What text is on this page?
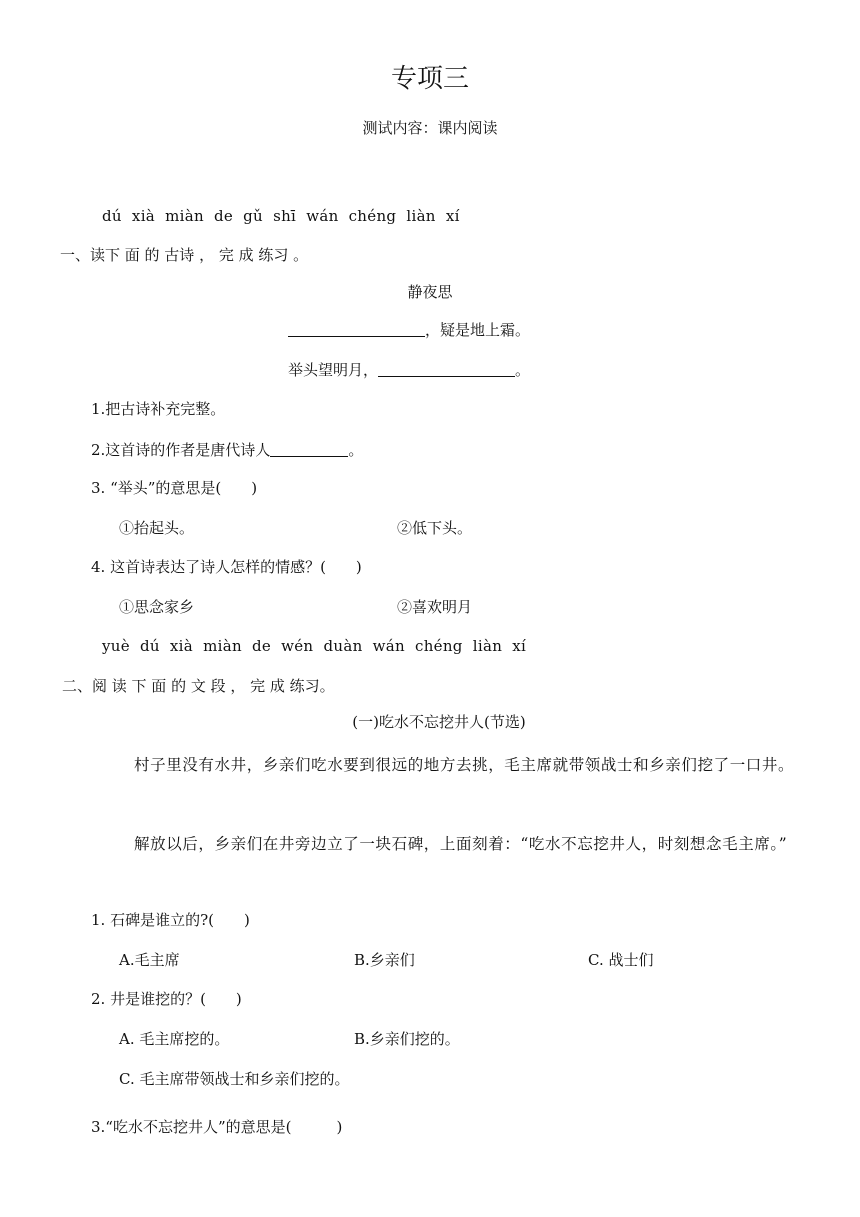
专项三
测试内容：课内阅读
dú xià miàn de gǔ shī wán chéng liàn xí
一、读下 面 的 古诗 ， 完 成 练习 。
静夜思
，疑是地上霜。
举头望明月，	。
1.把古诗补充完整。
2.这首诗的作者是唐代诗人	。
3. “举头”的意思是(　　)
①抬起头。	②低下头。
4. 这首诗表达了诗人怎样的情感？(　　)
①思念家乡	②喜欢明月
yuè dú xià miàn de wén duàn wán chéng liàn xí
二、阅 读 下 面 的 文 段 ， 完 成 练习。
(一)吃水不忘挖井人(节选)
村子里没有水井，乡亲们吃水要到很远的地方去挑，毛主席就带领战士和乡亲们挖了一口井。
解放以后，乡亲们在井旁边立了一块石碑，上面刻着：“吃水不忘挖井人，时刻想念毛主席。”
1. 石碑是谁立的?(　　)
A.毛主席	B.乡亲们	C. 战士们
2. 井是谁挖的？(　　)
A. 毛主席挖的。	B.乡亲们挖的。
C. 毛主席带领战士和乡亲们挖的。
3.“吃水不忘挖井人”的意思是(　　　)
